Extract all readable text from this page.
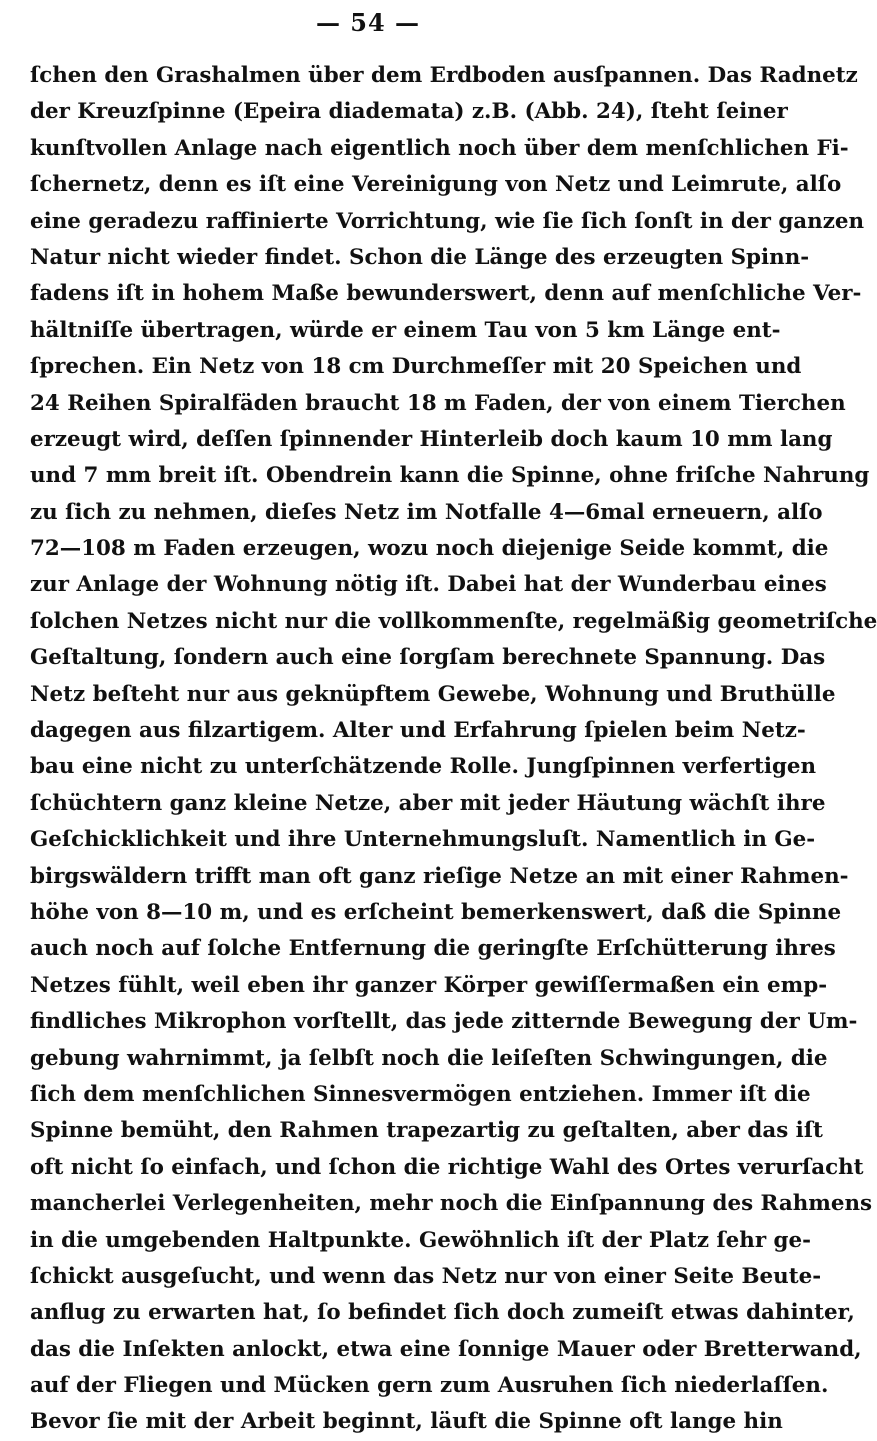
— 54 —
ſchen den Grashalmen über dem Erdboden ausſpannen. Das Radnetz
der Kreuzſpinne (Epeira diademata) z.B. (Abb. 24), ſteht ſeiner
kunſtvollen Anlage nach eigentlich noch über dem menſchlichen Fi-
ſchernetz, denn es iſt eine Vereinigung von Netz und Leimrute, alſo
eine geradezu raffinierte Vorrichtung, wie ſie ſich ſonſt in der ganzen
Natur nicht wieder findet. Schon die Länge des erzeugten Spinn-
fadens iſt in hohem Maße bewunderswert, denn auf menſchliche Ver-
hältniſſe übertragen, würde er einem Tau von 5 km Länge ent-
ſprechen. Ein Netz von 18 cm Durchmeſſer mit 20 Speichen und
24 Reihen Spiralfäden braucht 18 m Faden, der von einem Tierchen
erzeugt wird, deſſen ſpinnender Hinterleib doch kaum 10 mm lang
und 7 mm breit iſt. Obendrein kann die Spinne, ohne friſche Nahrung
zu ſich zu nehmen, dieſes Netz im Notfalle 4—6mal erneuern, alſo
72—108 m Faden erzeugen, wozu noch diejenige Seide kommt, die
zur Anlage der Wohnung nötig iſt. Dabei hat der Wunderbau eines
ſolchen Netzes nicht nur die vollkommenſte, regelmäßig geometriſche
Geſtaltung, ſondern auch eine ſorgſam berechnete Spannung. Das
Netz beſteht nur aus geknüpftem Gewebe, Wohnung und Bruthülle
dagegen aus filzartigem. Alter und Erfahrung ſpielen beim Netz-
bau eine nicht zu unterſchätzende Rolle. Jungſpinnen verfertigen
ſchüchtern ganz kleine Netze, aber mit jeder Häutung wächſt ihre
Geſchicklichkeit und ihre Unternehmungsluſt. Namentlich in Ge-
birgswäldern trifft man oft ganz rieſige Netze an mit einer Rahmen-
höhe von 8—10 m, und es erſcheint bemerkenswert, daß die Spinne
auch noch auf ſolche Entfernung die geringſte Erſchütterung ihres
Netzes fühlt, weil eben ihr ganzer Körper gewiſſermaßen ein emp-
findliches Mikrophon vorſtellt, das jede zitternde Bewegung der Um-
gebung wahrnimmt, ja ſelbſt noch die leiſeſten Schwingungen, die
ſich dem menſchlichen Sinnesvermögen entziehen. Immer iſt die
Spinne bemüht, den Rahmen trapezartig zu geſtalten, aber das iſt
oft nicht ſo einfach, und ſchon die richtige Wahl des Ortes verurſacht
mancherlei Verlegenheiten, mehr noch die Einſpannung des Rahmens
in die umgebenden Haltpunkte. Gewöhnlich iſt der Platz ſehr ge-
ſchickt ausgeſucht, und wenn das Netz nur von einer Seite Beute-
anflug zu erwarten hat, ſo befindet ſich doch zumeiſt etwas dahinter,
das die Inſekten anlockt, etwa eine ſonnige Mauer oder Bretterwand,
auf der Fliegen und Mücken gern zum Ausruhen ſich niederlaſſen.
Bevor ſie mit der Arbeit beginnt, läuft die Spinne oft lange hin
